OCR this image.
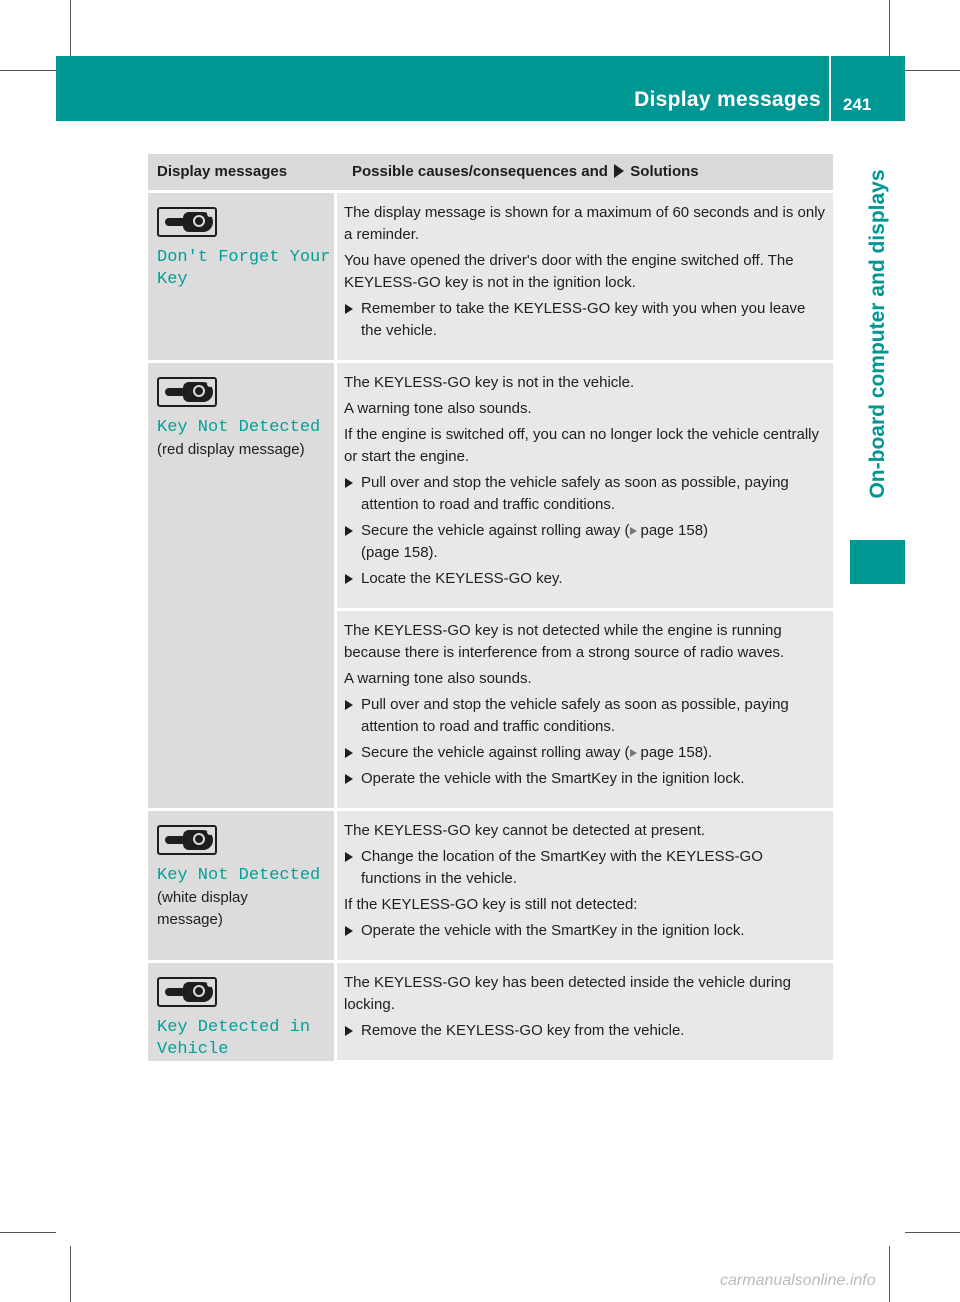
Display messages 241
On-board computer and displays
Display messages	Possible causes/consequences and Solutions
Don't Forget Your
Key
The display message is shown for a maximum of 60 seconds and is only a reminder.
You have opened the driver's door with the engine switched off. The KEYLESS-GO key is not in the ignition lock.
Remember to take the KEYLESS-GO key with you when you leave the vehicle.
Key Not Detected
(red display message)
The KEYLESS-GO key is not in the vehicle.
A warning tone also sounds.
If the engine is switched off, you can no longer lock the vehicle centrally or start the engine.
Pull over and stop the vehicle safely as soon as possible, paying attention to road and traffic conditions.
Secure the vehicle against rolling away ( page 158)
(page 158).
Locate the KEYLESS-GO key.
The KEYLESS-GO key is not detected while the engine is running because there is interference from a strong source of radio waves.
A warning tone also sounds.
Pull over and stop the vehicle safely as soon as possible, paying attention to road and traffic conditions.
Secure the vehicle against rolling away ( page 158).
Operate the vehicle with the SmartKey in the ignition lock.
Key Not Detected
(white display
message)
The KEYLESS-GO key cannot be detected at present.
Change the location of the SmartKey with the KEYLESS-GO functions in the vehicle.
If the KEYLESS-GO key is still not detected:
Operate the vehicle with the SmartKey in the ignition lock.
Key Detected in
Vehicle
The KEYLESS-GO key has been detected inside the vehicle during locking.
Remove the KEYLESS-GO key from the vehicle.
carmanualsonline.info
